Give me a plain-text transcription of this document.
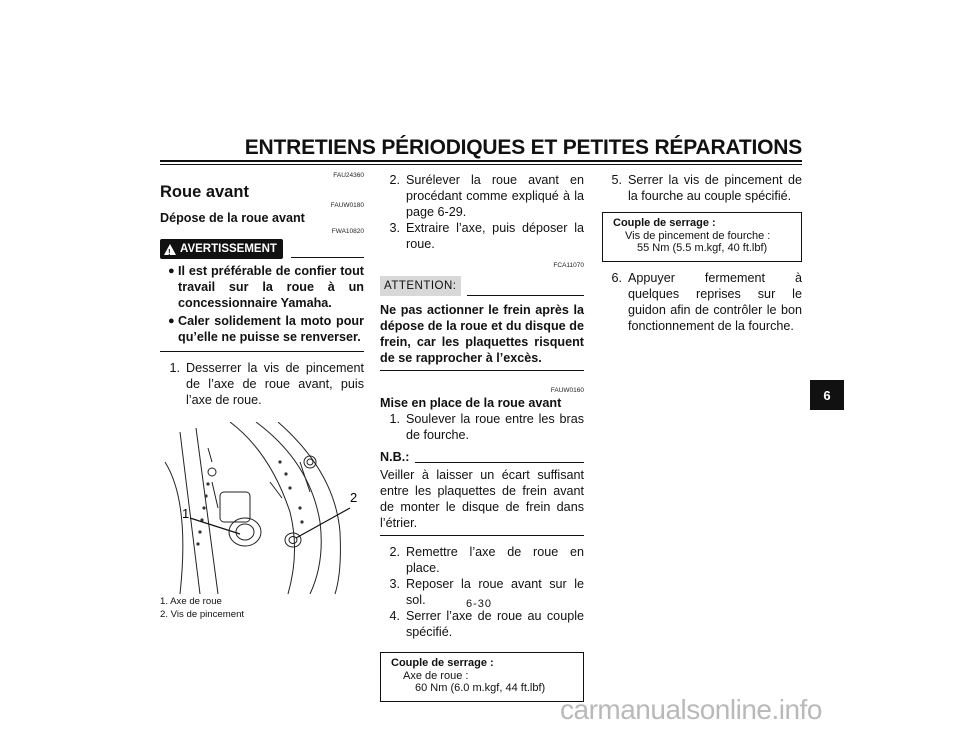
ENTRETIENS PÉRIODIQUES ET PETITES RÉPARATIONS
FAU24360
Roue avant
FAUW0180
Dépose de la roue avant
FWA10820
!
AVERTISSEMENT
● Il est préférable de confier tout travail sur la roue à un concessionnaire Yamaha.
● Caler solidement la moto pour qu’elle ne puisse se renverser.
1. Desserrer la vis de pincement de l’axe de roue avant, puis l’axe de roue.
1
2
1. Axe de roue
2. Vis de pincement
2. Surélever la roue avant en procédant comme expliqué à la page 6-29.
3. Extraire l’axe, puis déposer la roue.
FCA11070
ATTENTION:
Ne pas actionner le frein après la dépose de la roue et du disque de frein, car les plaquettes risquent de se rapprocher à l’excès.
FAUW0160
Mise en place de la roue avant
1. Soulever la roue entre les bras de fourche.
N.B.:
Veiller à laisser un écart suffisant entre les plaquettes de frein avant de monter le disque de frein dans l’étrier.
2. Remettre l’axe de roue en place.
3. Reposer la roue avant sur le sol.
4. Serrer l’axe de roue au couple spécifié.
Couple de serrage :
Axe de roue :
60 Nm (6.0 m.kgf, 44 ft.lbf)
5. Serrer la vis de pincement de la fourche au couple spécifié.
Couple de serrage :
Vis de pincement de fourche :
55 Nm (5.5 m.kgf, 40 ft.lbf)
6. Appuyer fermement à quelques reprises sur le guidon afin de contrôler le bon fonctionnement de la fourche.
6-30
6
carmanualsonline.info
